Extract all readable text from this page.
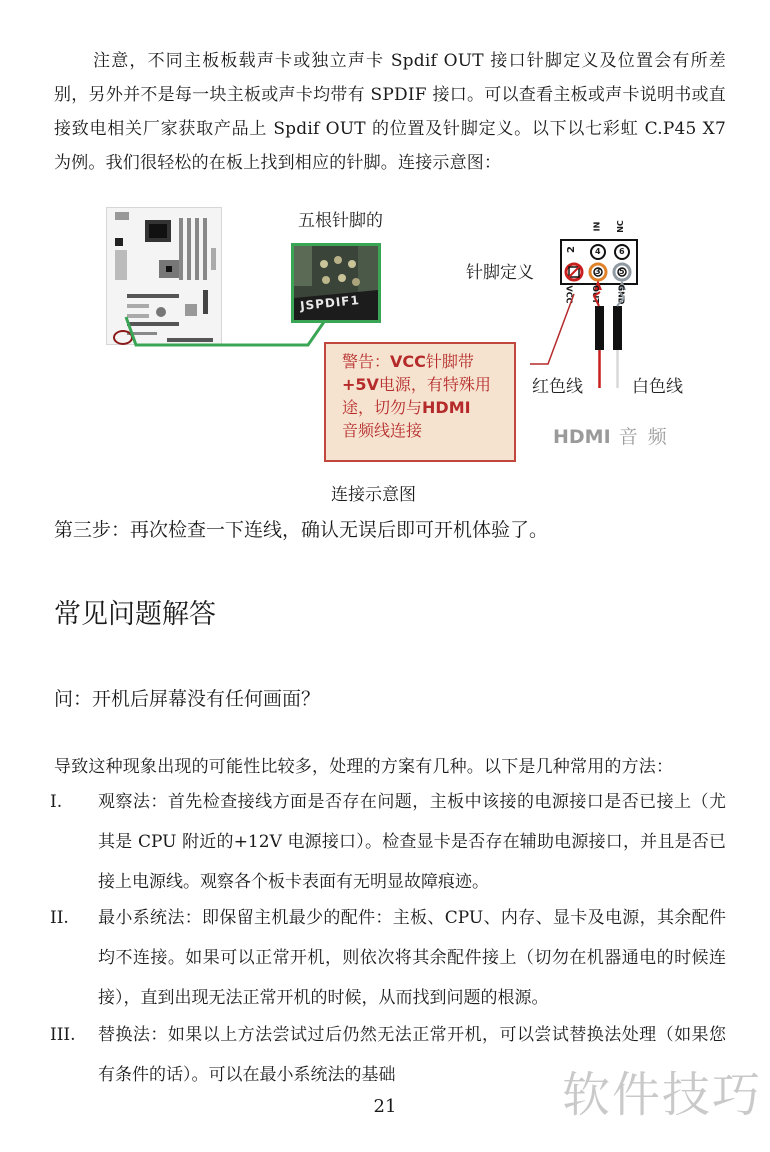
注意，不同主板板载声卡或独立声卡 Spdif OUT 接口针脚定义及位置会有所差别，另外并不是每一块主板或声卡均带有 SPDIF 接口。可以查看主板或声卡说明书或直接致电相关厂家获取产品上 Spdif OUT 的位置及针脚定义。以下以七彩虹 C.P45 X7 为例。我们很轻松的在板上找到相应的针脚。连接示意图：
五根针脚的
JSPDIF1
针脚定义
2
IN NC
4 6
3 5
VCC OUT GND
警告：VCC针脚带
+5V电源，有特殊用途，切勿与HDMI
音频线连接
红色线	白色线
HDMI 音 频
连接示意图
第三步：再次检查一下连线，确认无误后即可开机体验了。
常见问题解答
问：开机后屏幕没有任何画面？
导致这种现象出现的可能性比较多，处理的方案有几种。以下是几种常用的方法：
I. 观察法：首先检查接线方面是否存在问题，主板中该接的电源接口是否已接上（尤其是 CPU 附近的+12V 电源接口）。检查显卡是否存在辅助电源接口，并且是否已接上电源线。观察各个板卡表面有无明显故障痕迹。
II. 最小系统法：即保留主机最少的配件：主板、CPU、内存、显卡及电源，其余配件均不连接。如果可以正常开机，则依次将其余配件接上（切勿在机器通电的时候连接），直到出现无法正常开机的时候，从而找到问题的根源。
III. 替换法：如果以上方法尝试过后仍然无法正常开机，可以尝试替换法处理（如果您有条件的话）。可以在最小系统法的基础
21	软件技巧
